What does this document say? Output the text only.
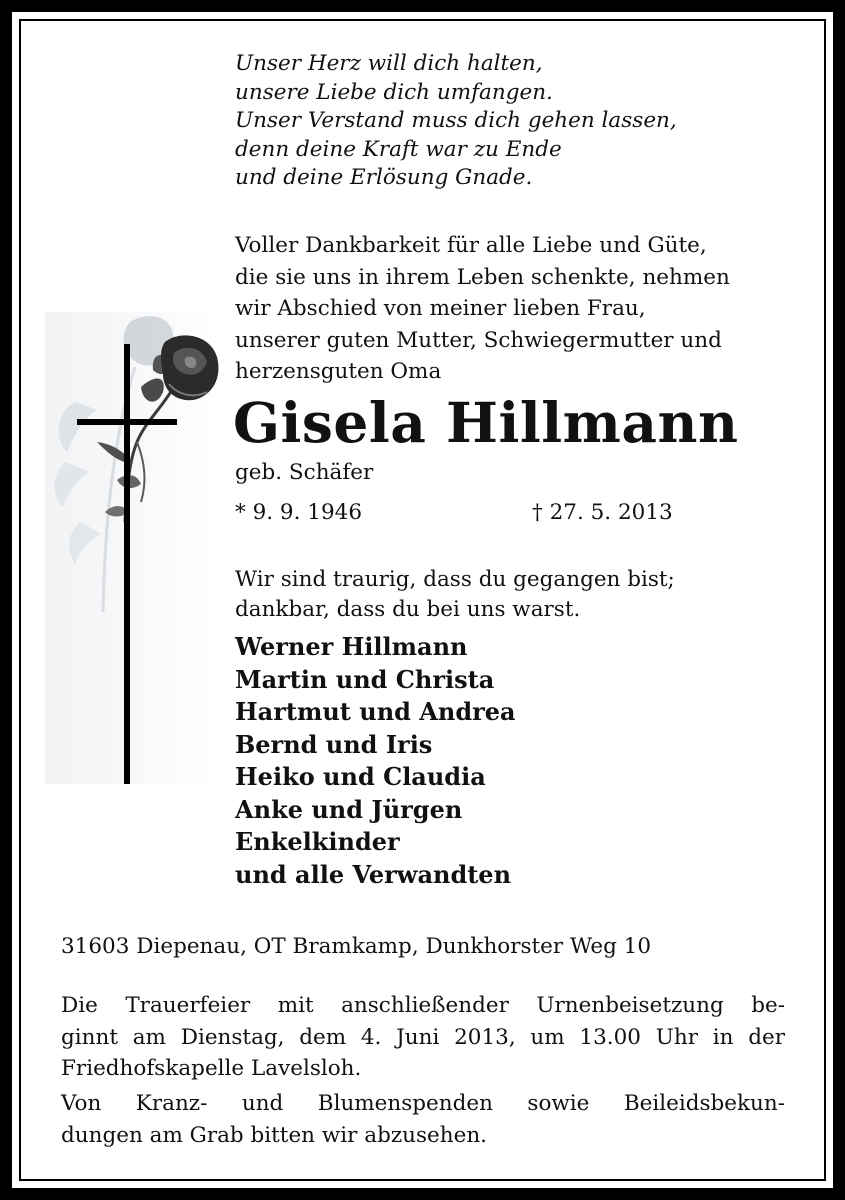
Unser Herz will dich halten,
unsere Liebe dich umfangen.
Unser Verstand muss dich gehen lassen,
denn deine Kraft war zu Ende
und deine Erlösung Gnade.
Voller Dankbarkeit für alle Liebe und Güte,
die sie uns in ihrem Leben schenkte, nehmen
wir Abschied von meiner lieben Frau,
unserer guten Mutter, Schwiegermutter und
herzensguten Oma
Gisela Hillmann
geb. Schäfer
* 9. 9. 1946	† 27. 5. 2013
Wir sind traurig, dass du gegangen bist;
dankbar, dass du bei uns warst.
Werner Hillmann
Martin und Christa
Hartmut und Andrea
Bernd und Iris
Heiko und Claudia
Anke und Jürgen
Enkelkinder
und alle Verwandten
31603 Diepenau, OT Bramkamp, Dunkhorster Weg 10
Die Trauerfeier mit anschließender Urnenbeisetzung be-
ginnt am Dienstag, dem 4. Juni 2013, um 13.00 Uhr in der
Friedhofskapelle Lavelsloh.
Von Kranz- und Blumenspenden sowie Beileidsbekun-
dungen am Grab bitten wir abzusehen.
